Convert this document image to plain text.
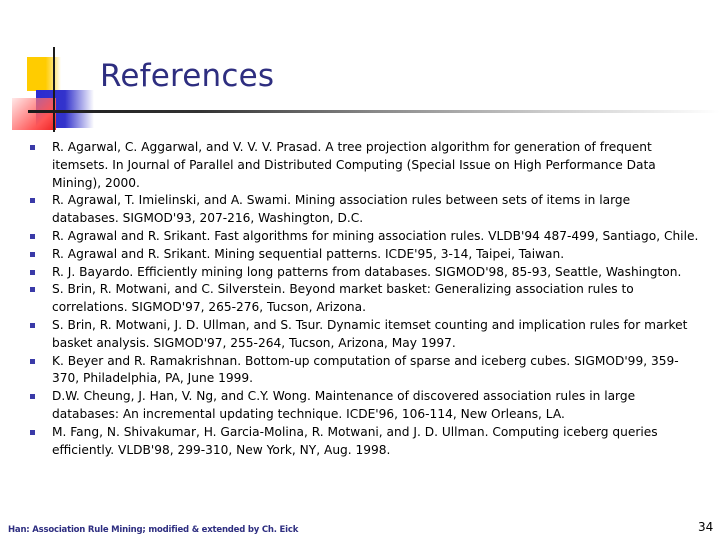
References
R. Agarwal, C. Aggarwal, and V. V. V. Prasad. A tree projection algorithm for generation of frequent itemsets. In Journal of Parallel and Distributed Computing (Special Issue on High Performance Data Mining), 2000.
R. Agrawal, T. Imielinski, and A. Swami. Mining association rules between sets of items in large databases. SIGMOD'93, 207-216, Washington, D.C.
R. Agrawal and R. Srikant. Fast algorithms for mining association rules. VLDB'94 487-499, Santiago, Chile.
R. Agrawal and R. Srikant. Mining sequential patterns. ICDE'95, 3-14, Taipei, Taiwan.
R. J. Bayardo. Efficiently mining long patterns from databases. SIGMOD'98, 85-93, Seattle, Washington.
S. Brin, R. Motwani, and C. Silverstein. Beyond market basket: Generalizing association rules to correlations. SIGMOD'97, 265-276, Tucson, Arizona.
S. Brin, R. Motwani, J. D. Ullman, and S. Tsur. Dynamic itemset counting and implication rules for market basket analysis. SIGMOD'97, 255-264, Tucson, Arizona, May 1997.
K. Beyer and R. Ramakrishnan. Bottom-up computation of sparse and iceberg cubes. SIGMOD'99, 359-370, Philadelphia, PA, June 1999.
D.W. Cheung, J. Han, V. Ng, and C.Y. Wong. Maintenance of discovered association rules in large databases: An incremental updating technique. ICDE'96, 106-114, New Orleans, LA.
M. Fang, N. Shivakumar, H. Garcia-Molina, R. Motwani, and J. D. Ullman. Computing iceberg queries efficiently. VLDB'98, 299-310, New York, NY, Aug. 1998.
Han: Association Rule Mining; modified & extended by Ch. Eick	34
